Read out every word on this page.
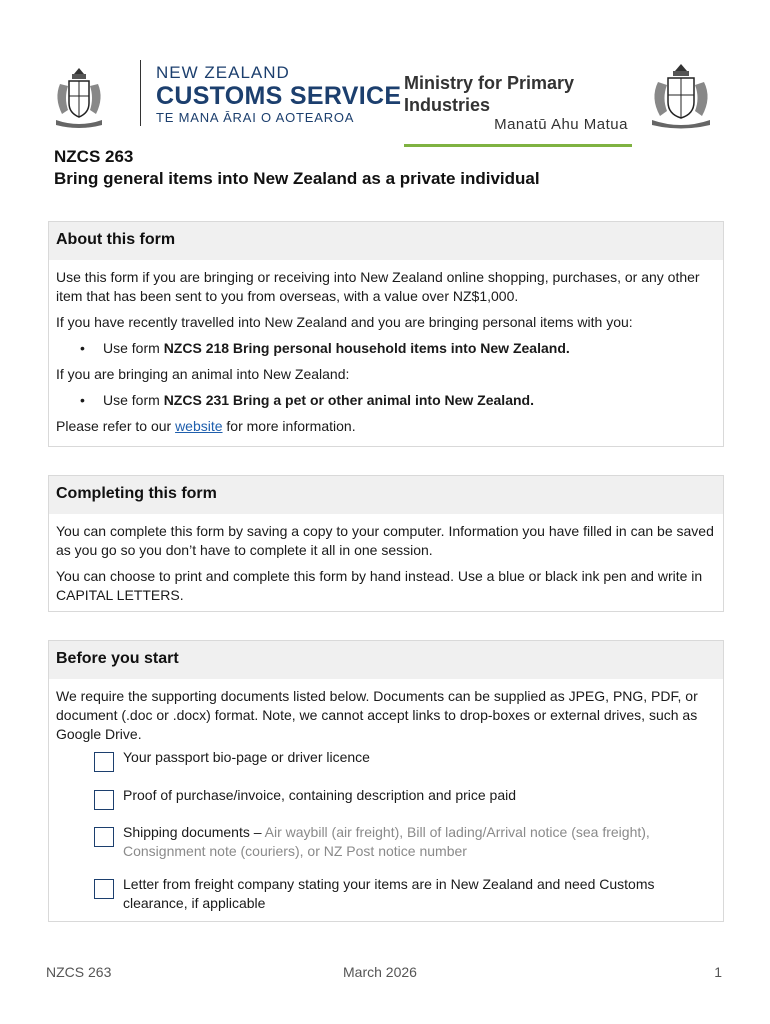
NEW ZEALAND
CUSTOMS SERVICE
TE MANA ĀRAI O AOTEAROA
Ministry for Primary Industries
Manatū Ahu Matua
NZCS 263
Bring general items into New Zealand as a private individual
About this form

Use this form if you are bringing or receiving into New Zealand online shopping, purchases, or any other item that has been sent to you from overseas, with a value over NZ$1,000.

If you have recently travelled into New Zealand and you are bringing personal items with you:

• Use form NZCS 218 Bring personal household items into New Zealand.

If you are bringing an animal into New Zealand:

• Use form NZCS 231 Bring a pet or other animal into New Zealand.

Please refer to our website for more information.

Completing this form

You can complete this form by saving a copy to your computer. Information you have filled in can be saved as you go so you don’t have to complete it all in one session.

You can choose to print and complete this form by hand instead. Use a blue or black ink pen and write in CAPITAL LETTERS.

Before you start

We require the supporting documents listed below. Documents can be supplied as JPEG, PNG, PDF, or document (.doc or .docx) format. Note, we cannot accept links to drop-boxes or external drives, such as Google Drive.

Your passport bio-page or driver licence
Proof of purchase/invoice, containing description and price paid
Shipping documents – Air waybill (air freight), Bill of lading/Arrival notice (sea freight), Consignment note (couriers), or NZ Post notice number
Letter from freight company stating your items are in New Zealand and need Customs clearance, if applicable
NZCS 263	March 2026	1
